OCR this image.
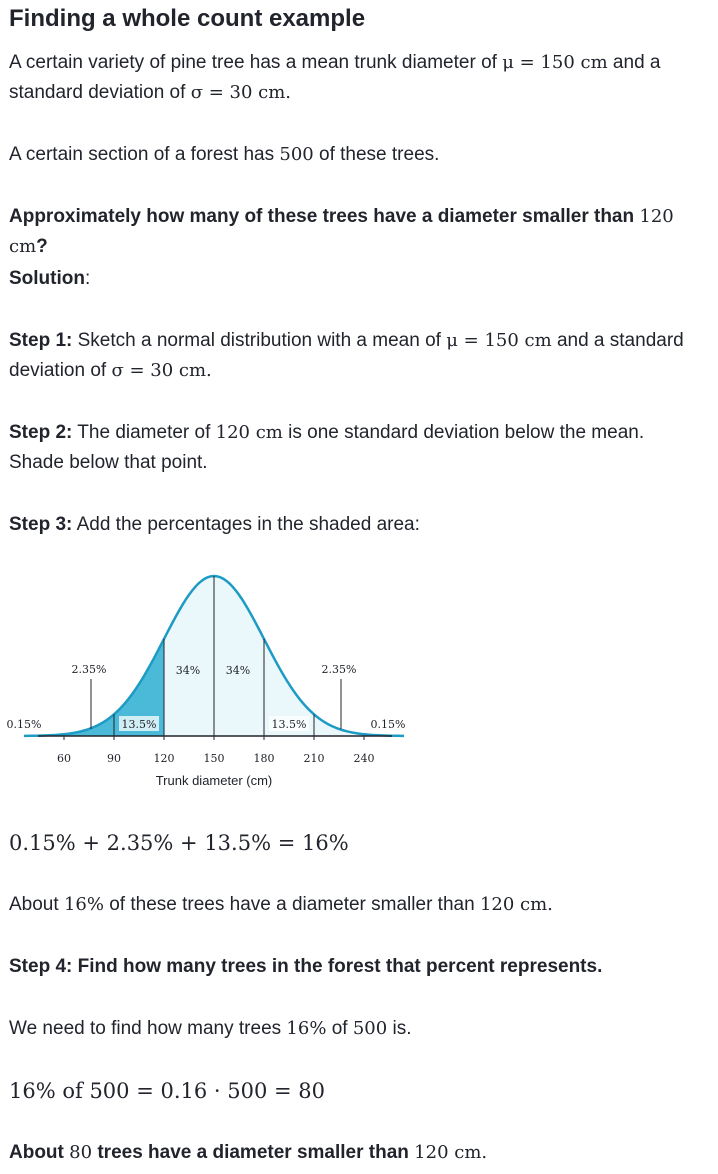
Finding a whole count example

A certain variety of pine tree has a mean trunk diameter of μ = 150 cm and a
standard deviation of σ = 30 cm.

A certain section of a forest has 500 of these trees.

Approximately how many of these trees have a diameter smaller than 120 cm?

Solution:

Step 1: Sketch a normal distribution with a mean of μ = 150 cm and a standard
deviation of σ = 30 cm.

Step 2: The diameter of 120 cm is one standard deviation below the mean.
Shade below that point.

Step 3: Add the percentages in the shaded area:

60	90	120	150	180	210	240
Trunk diameter (cm)
0.15%
2.35%
13.5%
34% 34%
13.5%
2.35%
0.15%
0.15% + 2.35% + 13.5% = 16%

About 16% of these trees have a diameter smaller than 120 cm.

Step 4: Find how many trees in the forest that percent represents.

We need to find how many trees 16% of 500 is.

16% of 500 = 0.16 · 500 = 80

About 80 trees have a diameter smaller than 120 cm.
